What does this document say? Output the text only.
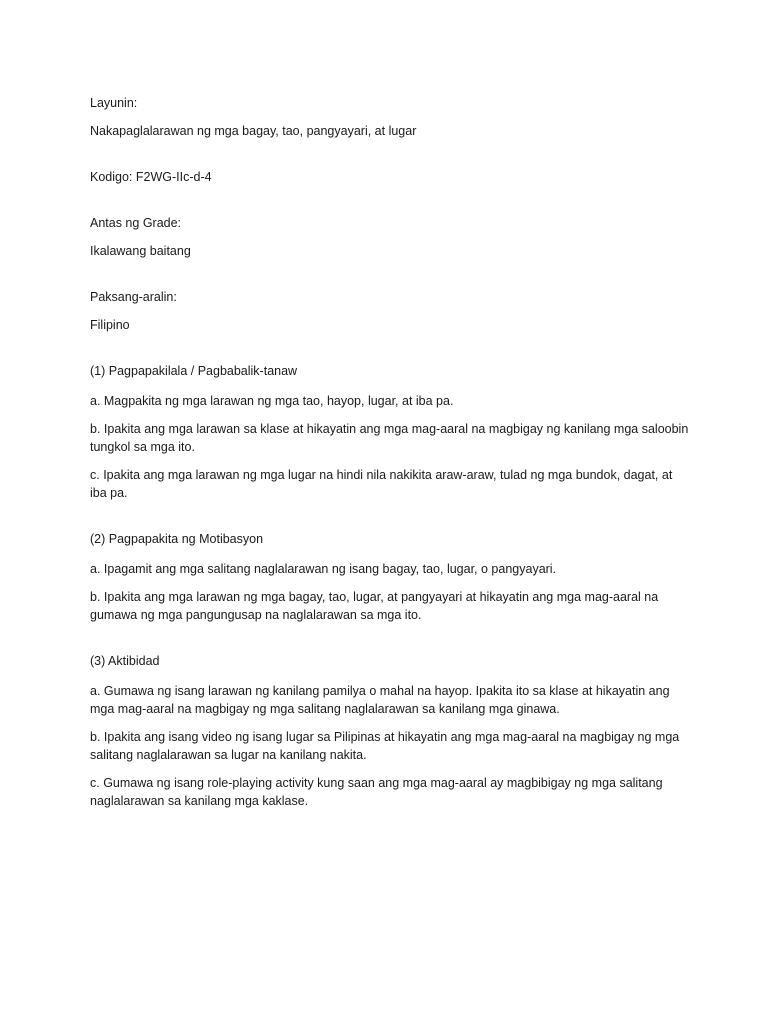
Layunin:

Nakapaglalarawan ng mga bagay, tao, pangyayari, at lugar

Kodigo: F2WG-IIc-d-4

Antas ng Grade:

Ikalawang baitang

Paksang-aralin:

Filipino

(1) Pagpapakilala / Pagbabalik-tanaw

a. Magpakita ng mga larawan ng mga tao, hayop, lugar, at iba pa.

b. Ipakita ang mga larawan sa klase at hikayatin ang mga mag-aaral na magbigay ng kanilang mga saloobin tungkol sa mga ito.

c. Ipakita ang mga larawan ng mga lugar na hindi nila nakikita araw-araw, tulad ng mga bundok, dagat, at iba pa.

(2) Pagpapakita ng Motibasyon

a. Ipagamit ang mga salitang naglalarawan ng isang bagay, tao, lugar, o pangyayari.

b. Ipakita ang mga larawan ng mga bagay, tao, lugar, at pangyayari at hikayatin ang mga mag-aaral na gumawa ng mga pangungusap na naglalarawan sa mga ito.

(3) Aktibidad

a. Gumawa ng isang larawan ng kanilang pamilya o mahal na hayop. Ipakita ito sa klase at hikayatin ang mga mag-aaral na magbigay ng mga salitang naglalarawan sa kanilang mga ginawa.

b. Ipakita ang isang video ng isang lugar sa Pilipinas at hikayatin ang mga mag-aaral na magbigay ng mga salitang naglalarawan sa lugar na kanilang nakita.

c. Gumawa ng isang role-playing activity kung saan ang mga mag-aaral ay magbibigay ng mga salitang naglalarawan sa kanilang mga kaklase.
